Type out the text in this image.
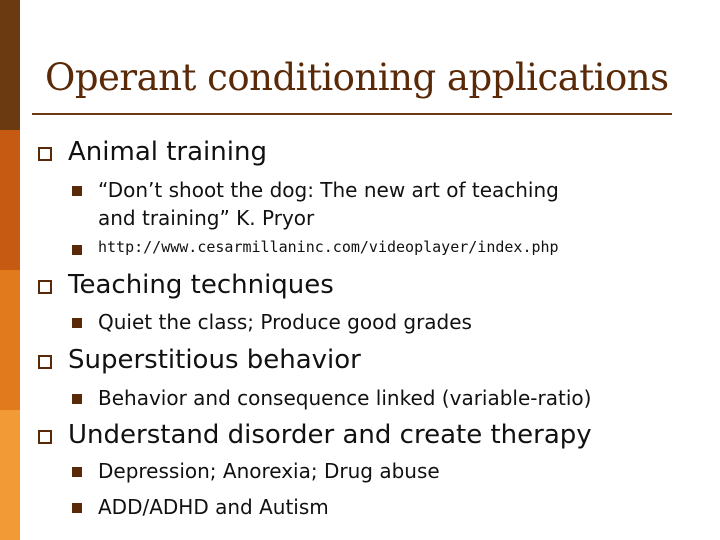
Operant conditioning applications
Animal training
“Don’t shoot the dog: The new art of teaching
and training” K. Pryor
http://www.cesarmillaninc.com/videoplayer/index.php
Teaching techniques
Quiet the class; Produce good grades
Superstitious behavior
Behavior and consequence linked (variable-ratio)
Understand disorder and create therapy
Depression; Anorexia; Drug abuse
ADD/ADHD and Autism
